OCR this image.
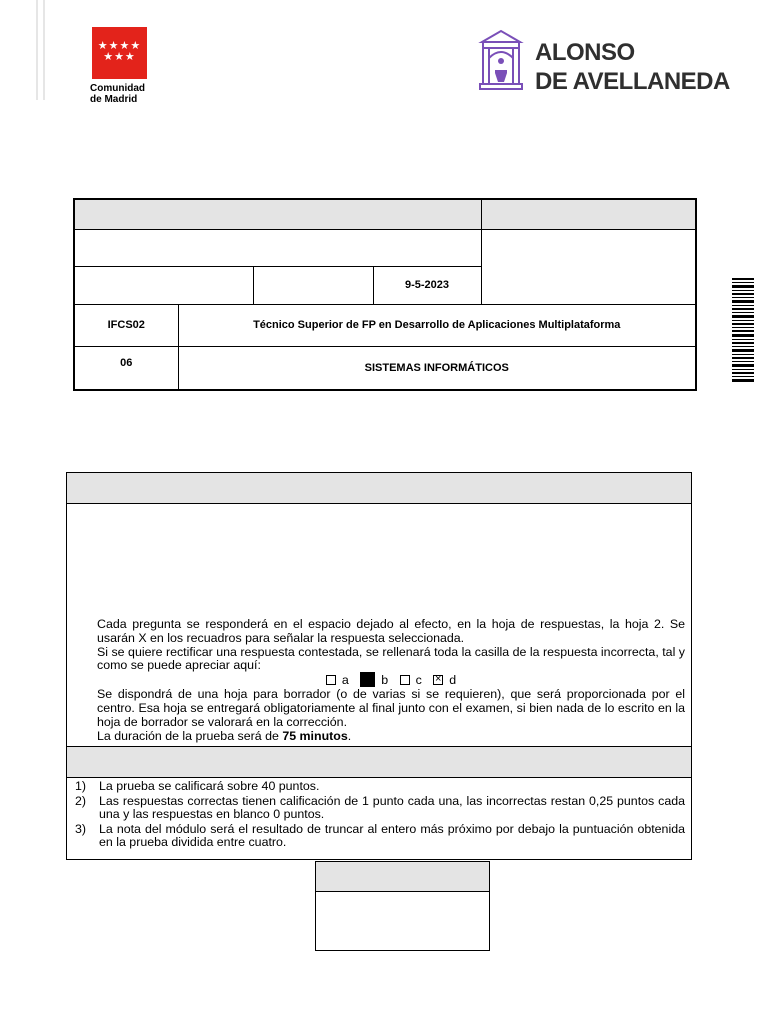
★★★★
★★★
Comunidad
de Madrid
ALONSO
DE AVELLANEDA

			9-5-2023	
IFCS02	Técnico Superior de FP en Desarrollo de Aplicaciones Multiplataforma			
06	SISTEMAS INFORMÁTICOS			

Cada pregunta se responderá en el espacio dejado al efecto, en la hoja de respuestas, la hoja 2. Se usarán X en los recuadros para señalar la respuesta seleccionada.

Si se quiere rectificar una respuesta contestada, se rellenará toda la casilla de la respuesta incorrecta, tal y como se puede apreciar aquí:

a	b c × d

Se dispondrá de una hoja para borrador (o de varias si se requieren), que será proporcionada por el centro. Esa hoja se entregará obligatoriamente al final junto con el examen, si bien nada de lo escrito en la hoja de borrador se valorará en la corrección.

La duración de la prueba será de 75 minutos.

1)	La prueba se calificará sobre 40 puntos.
2)	Las respuestas correctas tienen calificación de 1 punto cada una, las incorrectas restan 0,25 puntos cada una y las respuestas en blanco 0 puntos.
3)	La nota del módulo será el resultado de truncar al entero más próximo por debajo la puntuación obtenida en la prueba dividida entre cuatro.
